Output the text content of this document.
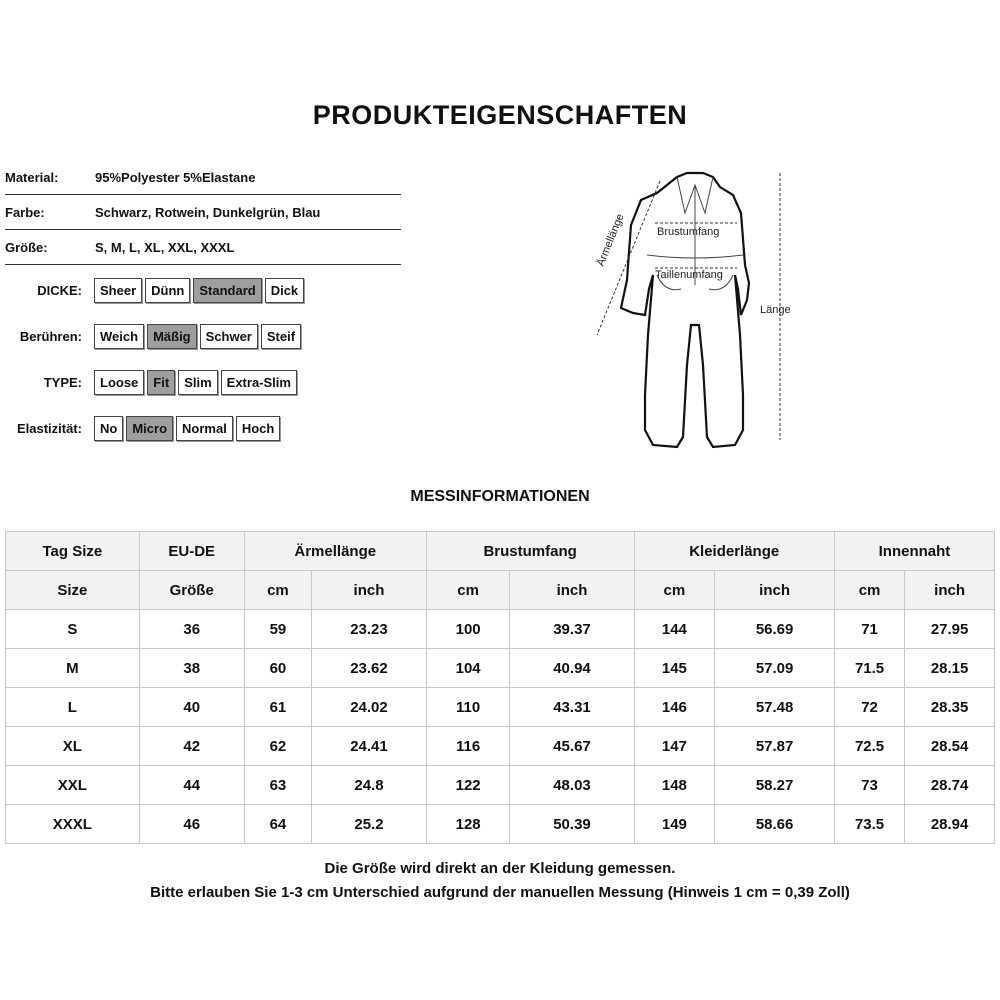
PRODUKTEIGENSCHAFTEN
Material:	95%Polyester 5%Elastane
Farbe:	Schwarz, Rotwein, Dunkelgrün, Blau
Größe:	S, M, L, XL, XXL, XXXL
DICKE:	Sheer	Dünn	Standard	Dick
Berühren:	Weich	Mäßig	Schwer	Steif
TYPE:	Loose	Fit	Slim	Extra-Slim
Elastizität:	No	Micro	Normal	Hoch
Brustumfang
Taillenumfang
Länge
Ärmellänge
MESSINFORMATIONEN
Tag Size	EU-DE	Ärmellänge		Brustumfang		Kleiderlänge		Innennaht	
Size	Größe	cm	inch	cm	inch	cm	inch	cm	inch
S	36	59	23.23	100	39.37	144	56.69	71	27.95
M	38	60	23.62	104	40.94	145	57.09	71.5	28.15
L	40	61	24.02	110	43.31	146	57.48	72	28.35
XL	42	62	24.41	116	45.67	147	57.87	72.5	28.54
XXL	44	63	24.8	122	48.03	148	58.27	73	28.74
XXXL	46	64	25.2	128	50.39	149	58.66	73.5	28.94
Die Größe wird direkt an der Kleidung gemessen.
Bitte erlauben Sie 1-3 cm Unterschied aufgrund der manuellen Messung (Hinweis 1 cm = 0,39 Zoll)
